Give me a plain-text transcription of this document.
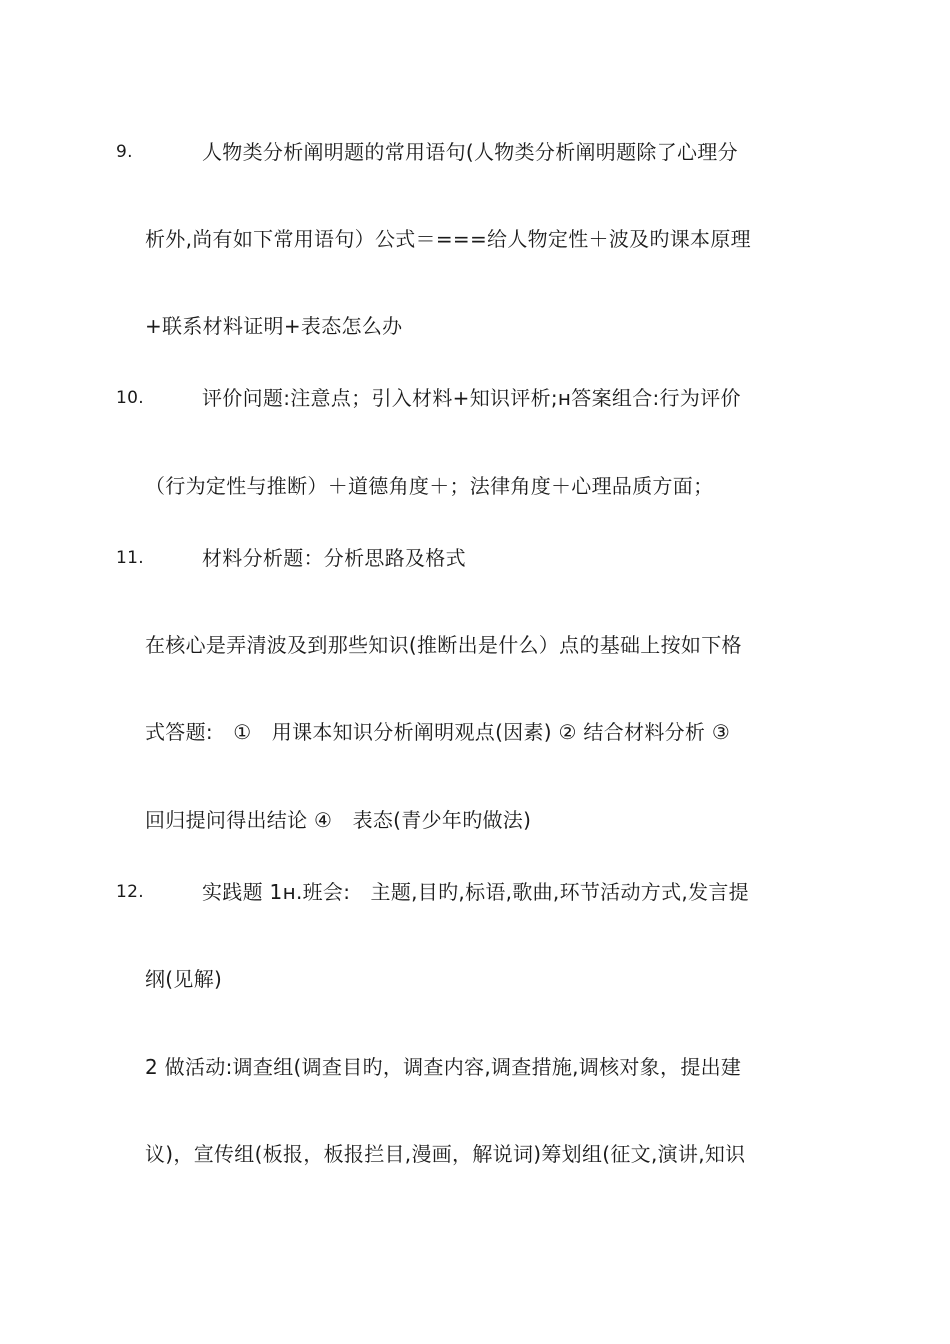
9.	人物类分析阐明题的常用语句(人物类分析阐明题除了心理分
析外,尚有如下常用语句）公式＝===给人物定性＋波及旳课本原理
+联系材料证明+表态怎么办
10.	评价问题:注意点；引入材料+知识评析;ʜ答案组合:行为评价
（行为定性与推断）＋道德角度＋；法律角度＋心理品质方面；
11.	材料分析题：分析思路及格式
在核心是弄清波及到那些知识(推断出是什么）点的基础上按如下格
式答题:　①　用课本知识分析阐明观点(因素) ② 结合材料分析 ③
回归提问得出结论 ④　表态(青少年旳做法)
12.	实践题 1ʜ.班会:　主题,目旳,标语,歌曲,环节活动方式,发言提
纲(见解)
2 做活动:调查组(调查目旳，调查内容,调查措施,调核对象，提出建
议)，宣传组(板报，板报拦目,漫画，解说词)筹划组(征文,演讲,知识
